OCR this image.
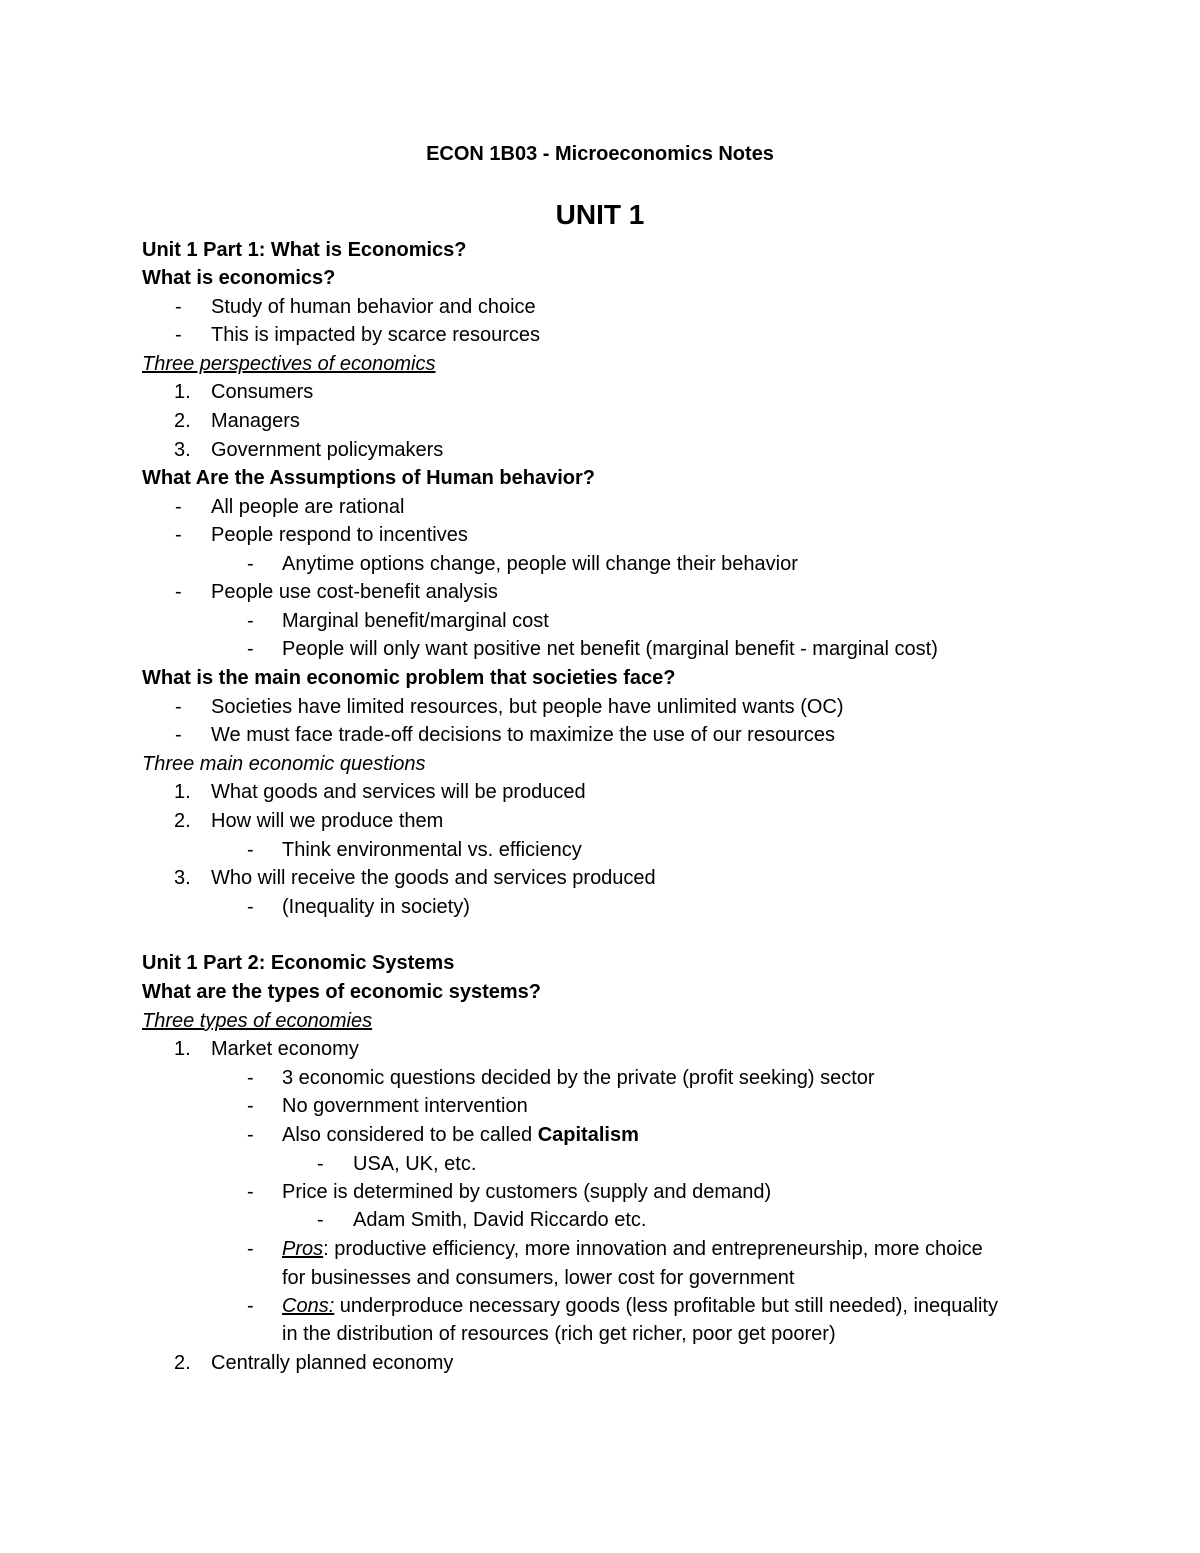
ECON 1B03 - Microeconomics Notes
UNIT 1
Unit 1 Part 1: What is Economics?
What is economics?
- Study of human behavior and choice
- This is impacted by scarce resources
Three perspectives of economics
1. Consumers
2. Managers
3. Government policymakers
What Are the Assumptions of Human behavior?
- All people are rational
- People respond to incentives
- Anytime options change, people will change their behavior
- People use cost-benefit analysis
- Marginal benefit/marginal cost
- People will only want positive net benefit (marginal benefit - marginal cost)
What is the main economic problem that societies face?
- Societies have limited resources, but people have unlimited wants (OC)
- We must face trade-off decisions to maximize the use of our resources
Three main economic questions
1. What goods and services will be produced
2. How will we produce them
- Think environmental vs. efficiency
3. Who will receive the goods and services produced
- (Inequality in society)
Unit 1 Part 2: Economic Systems
What are the types of economic systems?
Three types of economies
1. Market economy
- 3 economic questions decided by the private (profit seeking) sector
- No government intervention
- Also considered to be called Capitalism
- USA, UK, etc.
- Price is determined by customers (supply and demand)
- Adam Smith, David Riccardo etc.
- Pros: productive efficiency, more innovation and entrepreneurship, more choice
for businesses and consumers, lower cost for government
- Cons: underproduce necessary goods (less profitable but still needed), inequality
in the distribution of resources (rich get richer, poor get poorer)
2. Centrally planned economy
